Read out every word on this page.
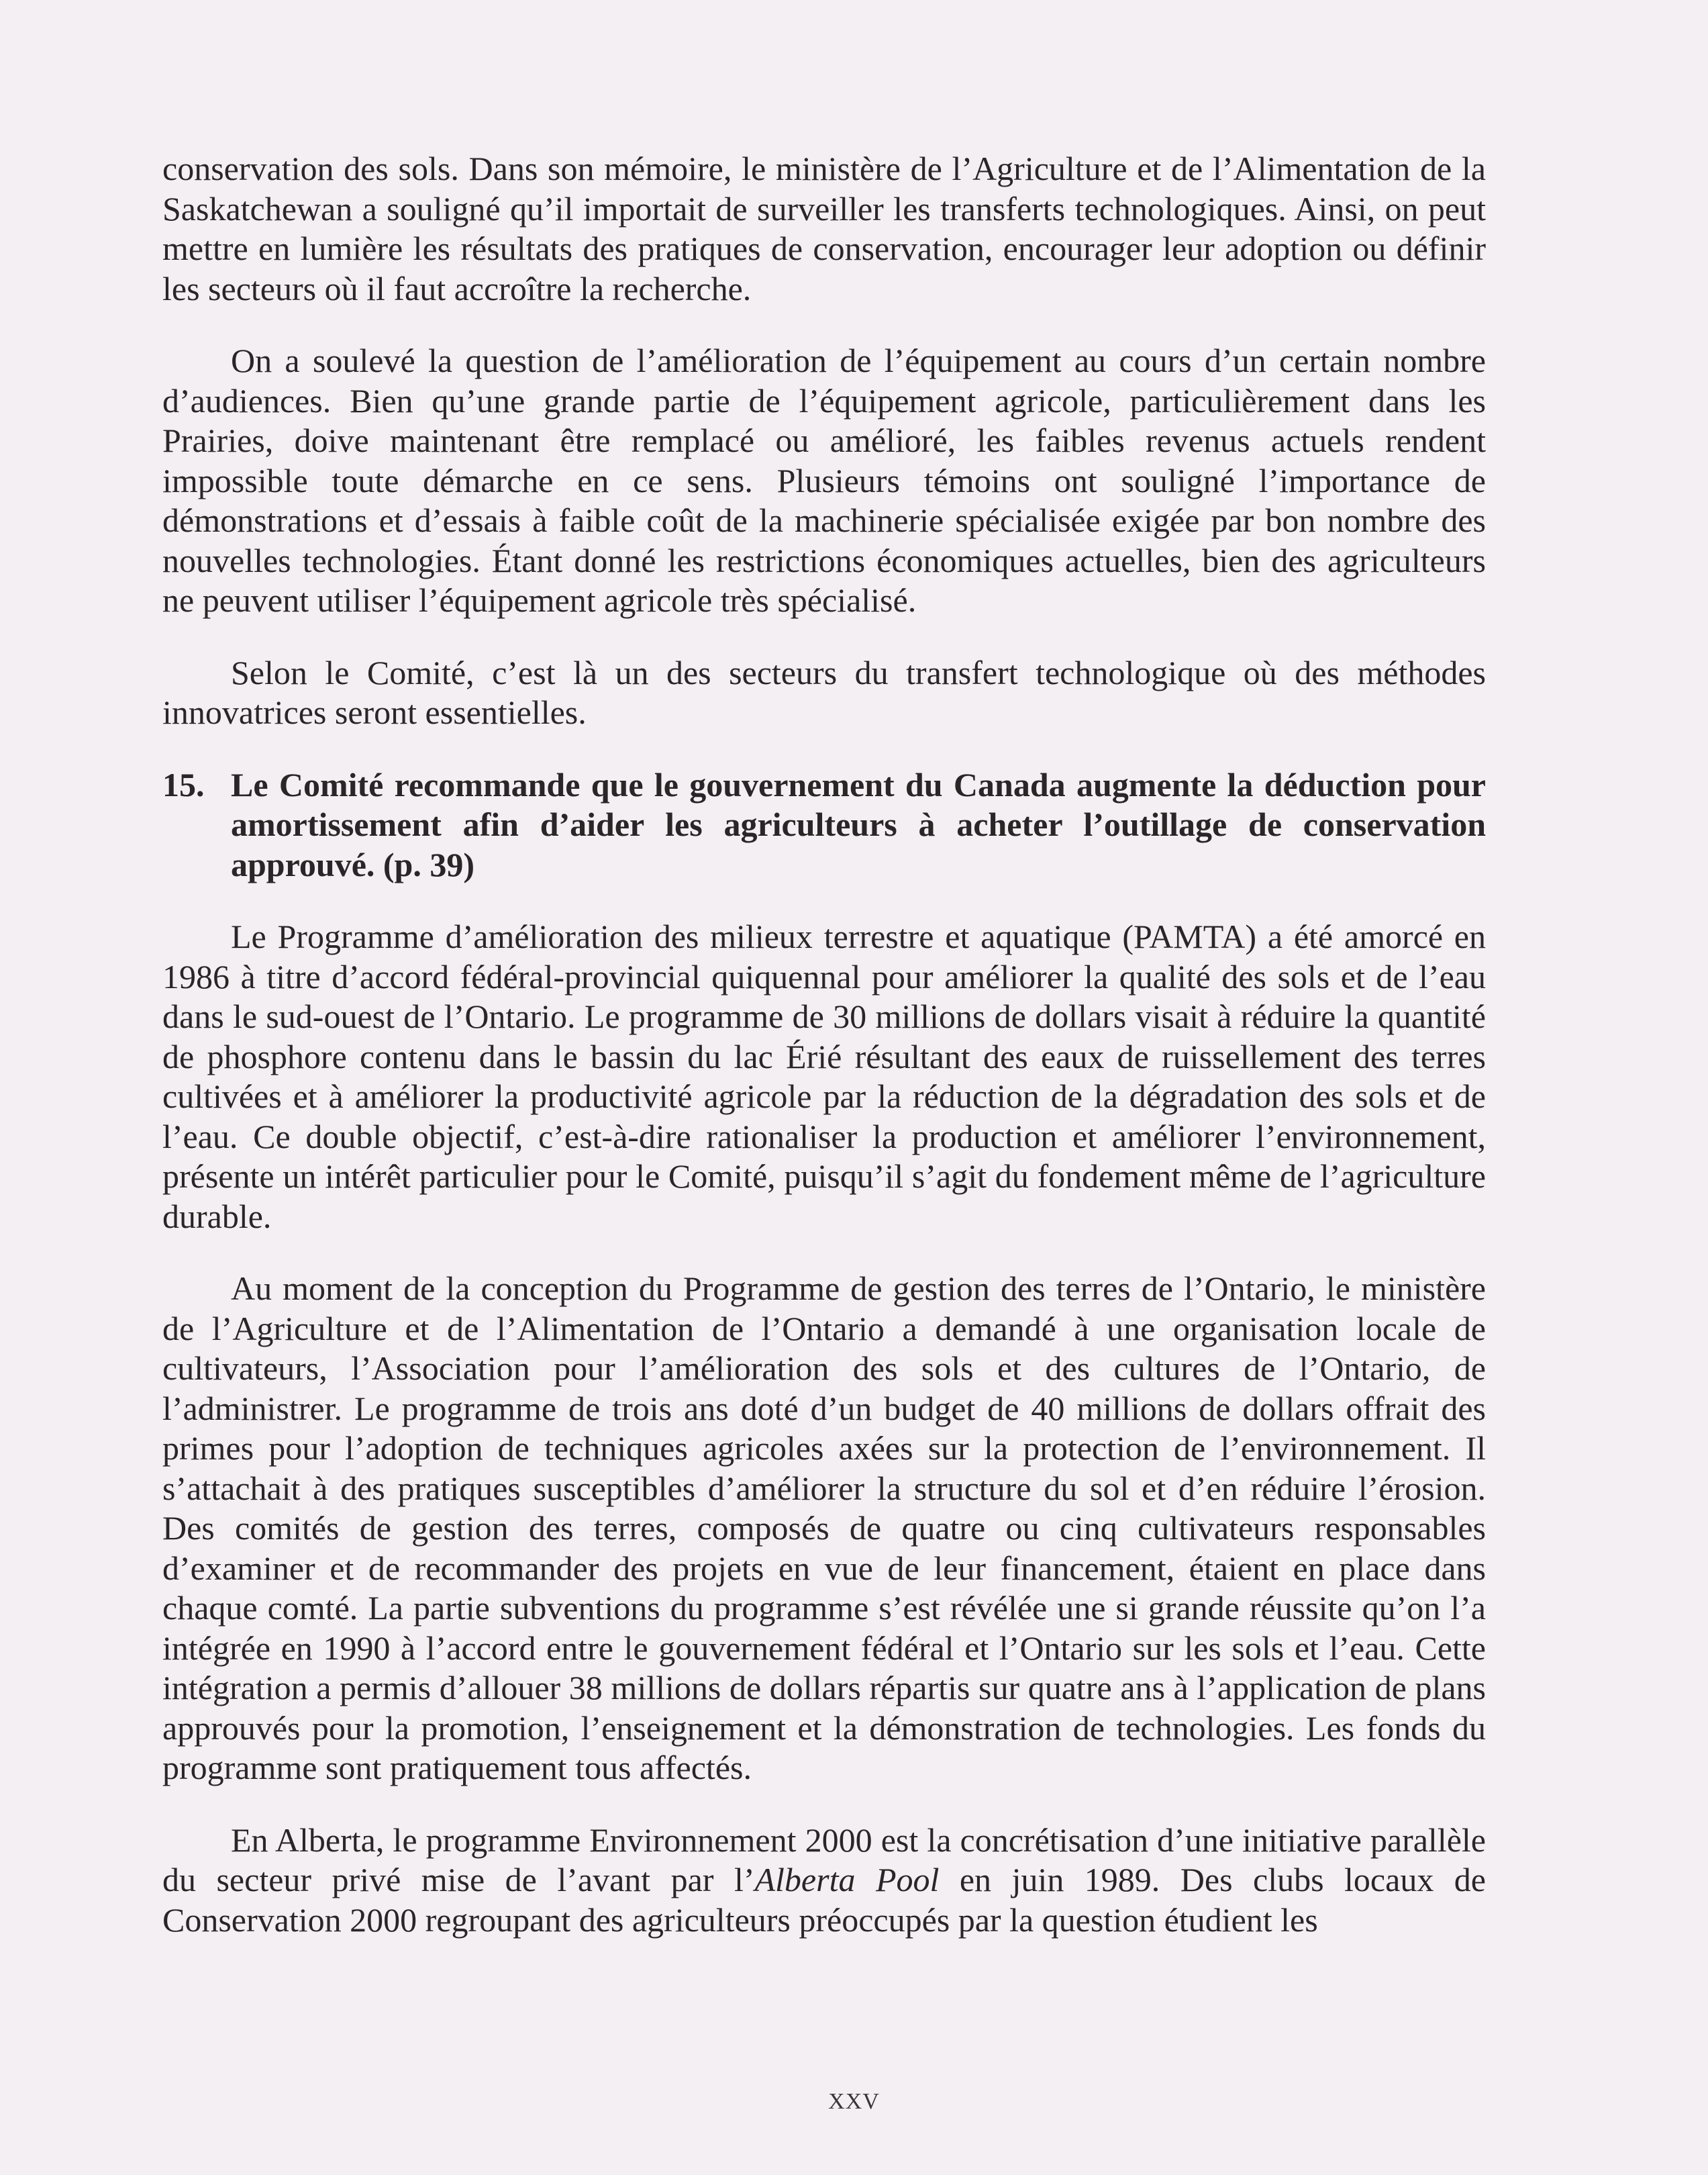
conservation des sols. Dans son mémoire, le ministère de l’Agriculture et de l’Alimentation de la Saskatchewan a souligné qu’il importait de surveiller les transferts technologiques. Ainsi, on peut mettre en lumière les résultats des pratiques de conservation, encourager leur adoption ou définir les secteurs où il faut accroître la recherche.

On a soulevé la question de l’amélioration de l’équipement au cours d’un certain nombre d’audiences. Bien qu’une grande partie de l’équipement agricole, particulièrement dans les Prairies, doive maintenant être remplacé ou amélioré, les faibles revenus actuels rendent impossible toute démarche en ce sens. Plusieurs témoins ont souligné l’importance de démonstrations et d’essais à faible coût de la machinerie spécialisée exigée par bon nombre des nouvelles technologies. Étant donné les restrictions économiques actuelles, bien des agriculteurs ne peuvent utiliser l’équipement agricole très spécialisé.

Selon le Comité, c’est là un des secteurs du transfert technologique où des méthodes innovatrices seront essentielles.

15. Le Comité recommande que le gouvernement du Canada augmente la déduction pour amortissement afin d’aider les agriculteurs à acheter l’outillage de conservation approuvé. (p. 39)

Le Programme d’amélioration des milieux terrestre et aquatique (PAMTA) a été amorcé en 1986 à titre d’accord fédéral-provincial quiquennal pour améliorer la qualité des sols et de l’eau dans le sud-ouest de l’Ontario. Le programme de 30 millions de dollars visait à réduire la quantité de phosphore contenu dans le bassin du lac Érié résultant des eaux de ruissellement des terres cultivées et à améliorer la productivité agricole par la réduction de la dégradation des sols et de l’eau. Ce double objectif, c’est-à-dire rationaliser la production et améliorer l’environnement, présente un intérêt particulier pour le Comité, puisqu’il s’agit du fondement même de l’agriculture durable.

Au moment de la conception du Programme de gestion des terres de l’Ontario, le ministère de l’Agriculture et de l’Alimentation de l’Ontario a demandé à une organisation locale de cultivateurs, l’Association pour l’amélioration des sols et des cultures de l’Ontario, de l’administrer. Le programme de trois ans doté d’un budget de 40 millions de dollars offrait des primes pour l’adoption de techniques agricoles axées sur la protection de l’environnement. Il s’attachait à des pratiques susceptibles d’améliorer la structure du sol et d’en réduire l’érosion. Des comités de gestion des terres, composés de quatre ou cinq cultivateurs responsables d’examiner et de recommander des projets en vue de leur financement, étaient en place dans chaque comté. La partie subventions du programme s’est révélée une si grande réussite qu’on l’a intégrée en 1990 à l’accord entre le gouvernement fédéral et l’Ontario sur les sols et l’eau. Cette intégration a permis d’allouer 38 millions de dollars répartis sur quatre ans à l’application de plans approuvés pour la promotion, l’enseignement et la démonstration de technologies. Les fonds du programme sont pratiquement tous affectés.

En Alberta, le programme Environnement 2000 est la concrétisation d’une initiative parallèle du secteur privé mise de l’avant par l’Alberta Pool en juin 1989. Des clubs locaux de Conservation 2000 regroupant des agriculteurs préoccupés par la question étudient les

XXV
